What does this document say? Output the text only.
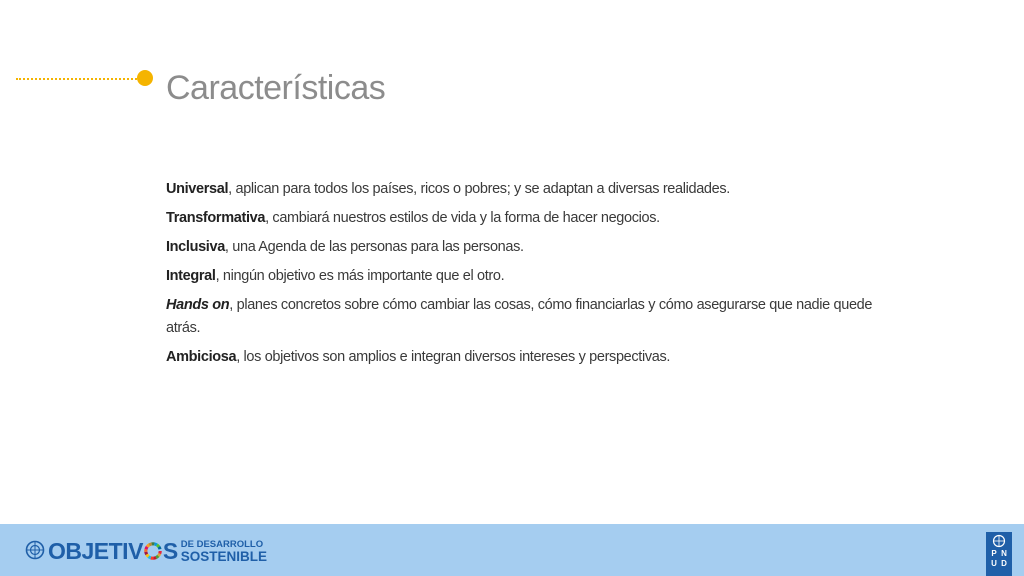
Características
Universal, aplican para todos los países, ricos o pobres; y se adaptan a diversas realidades.
Transformativa, cambiará nuestros estilos de vida y la forma de hacer negocios.
Inclusiva, una Agenda de las personas para las personas.
Integral, ningún objetivo es más importante que el otro.
Hands on, planes concretos sobre cómo cambiar las cosas, cómo financiarlas y cómo asegurarse que nadie quede atrás.
Ambiciosa, los objetivos son amplios e integran diversos intereses y perspectivas.
OBJETIV S DE DESARROLLO
SOSTENIBLE	P N
U D
